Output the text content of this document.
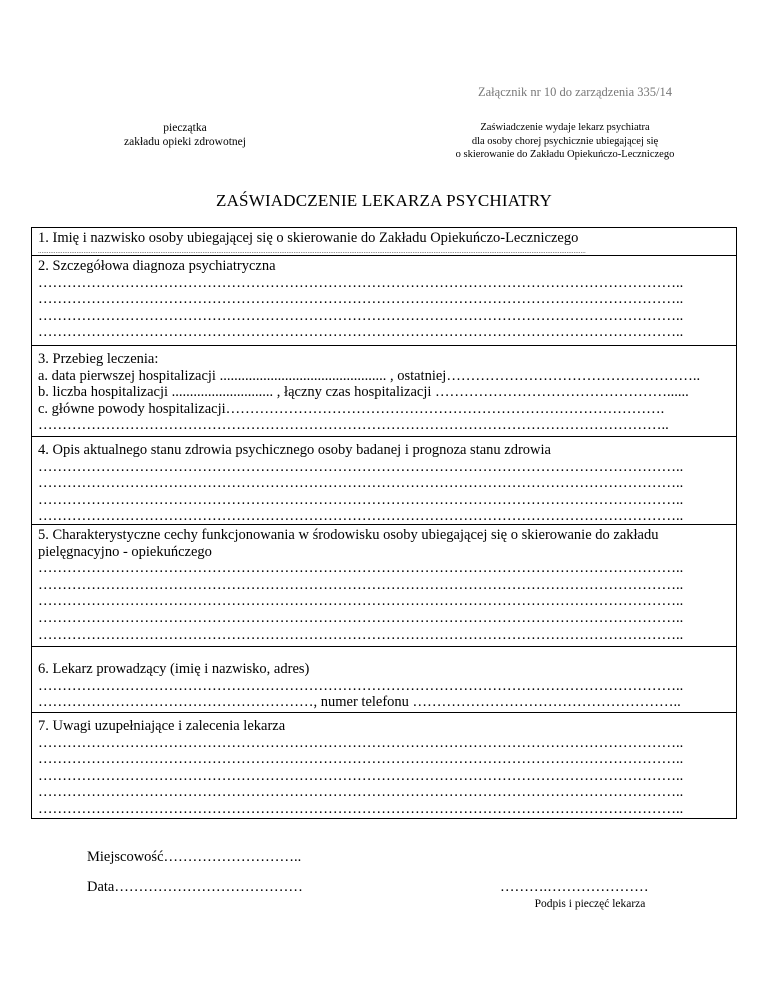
Załącznik nr 10 do zarządzenia 335/14
pieczątka
zakładu opieki zdrowotnej
Zaświadczenie wydaje lekarz psychiatra
dla osoby chorej psychicznie ubiegającej się
o skierowanie do Zakładu Opiekuńczo-Leczniczego
ZAŚWIADCZENIE LEKARZA PSYCHIATRY
1. Imię i nazwisko osoby ubiegającej się o skierowanie do Zakładu Opiekuńczo-Leczniczego
.........................................................................................................................................................................................................................................................................................................................
2. Szczegółowa diagnoza psychiatryczna
……………………………………………………………………………………………………………………..
……………………………………………………………………………………………………………………..
……………………………………………………………………………………………………………………..
……………………………………………………………………………………………………………………..
3. Przebieg leczenia:
a. data pierwszej hospitalizacji .............................................. , ostatniej……………………………………………..
b. liczba hospitalizacji ............................ , łączny czas hospitalizacji …………………………………………......
c. główne powody hospitalizacji……………………………………………………………………………….
…………………………………………………………………………………………………………………..
4. Opis aktualnego stanu zdrowia psychicznego osoby badanej i prognoza stanu zdrowia
……………………………………………………………………………………………………………………..
……………………………………………………………………………………………………………………..
……………………………………………………………………………………………………………………..
……………………………………………………………………………………………………………………..
5. Charakterystyczne cechy funkcjonowania w środowisku osoby ubiegającej się o skierowanie do zakładu
pielęgnacyjno - opiekuńczego
……………………………………………………………………………………………………………………..
……………………………………………………………………………………………………………………..
……………………………………………………………………………………………………………………..
……………………………………………………………………………………………………………………..
……………………………………………………………………………………………………………………..
6. Lekarz prowadzący (imię i nazwisko, adres)
……………………………………………………………………………………………………………………..
…………………………………………………, numer telefonu ………………………………………………..
7. Uwagi uzupełniające i zalecenia lekarza
……………………………………………………………………………………………………………………..
……………………………………………………………………………………………………………………..
……………………………………………………………………………………………………………………..
……………………………………………………………………………………………………………………..
……………………………………………………………………………………………………………………..
Miejscowość………………………..
Data…………………………………	……….…………………
Podpis i pieczęć lekarza
